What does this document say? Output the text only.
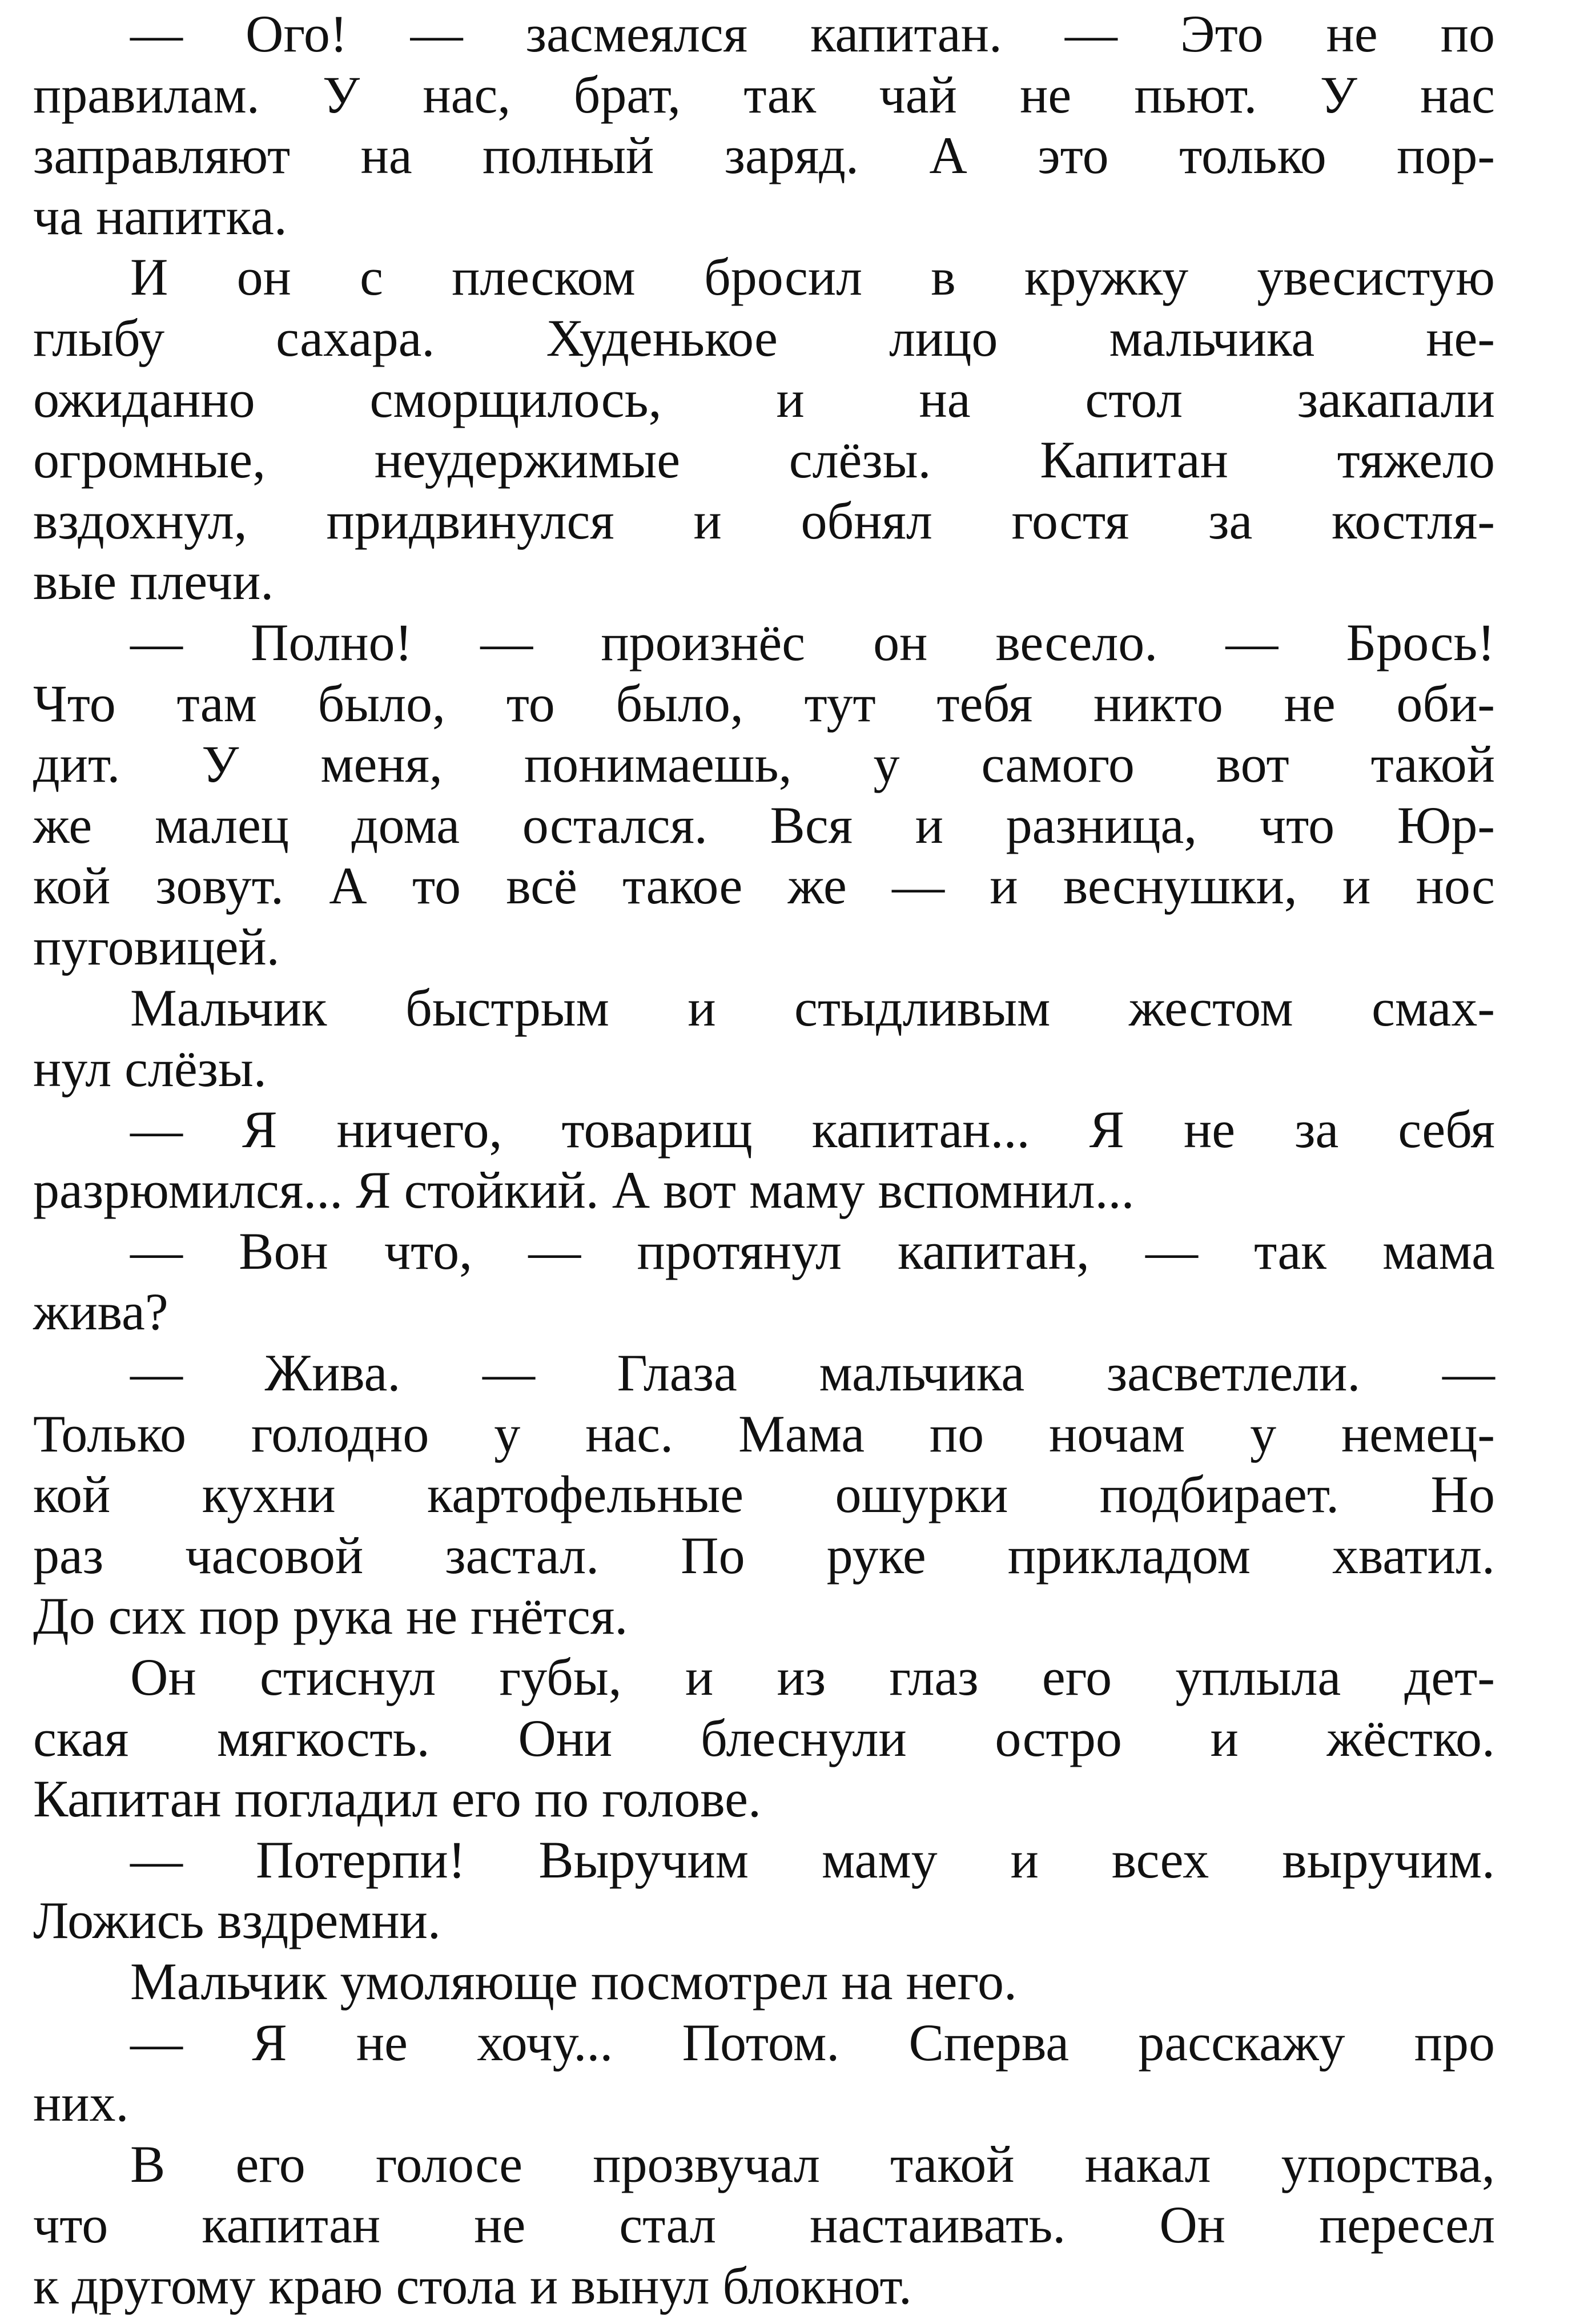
— Ого! — засмеялся капитан. — Это не по
правилам. У нас, брат, так чай не пьют. У нас
заправляют на полный заряд. А это только пор-
ча напитка.
И он с плеском бросил в кружку увесистую
глыбу сахара. Худенькое лицо мальчика не-
ожиданно сморщилось, и на стол закапали
огромные, неудержимые слёзы. Капитан тяжело
вздохнул, придвинулся и обнял гостя за костля-
вые плечи.
— Полно! — произнёс он весело. — Брось!
Что там было, то было, тут тебя никто не оби-
дит. У меня, понимаешь, у самого вот такой
же малец дома остался. Вся и разница, что Юр-
кой зовут. А то всё такое же — и веснушки, и нос
пуговицей.
Мальчик быстрым и стыдливым жестом смах-
нул слёзы.
— Я ничего, товарищ капитан... Я не за себя
разрюмился... Я стойкий. А вот маму вспомнил...
— Вон что, — протянул капитан, — так мама
жива?
— Жива. — Глаза мальчика засветлели. —
Только голодно у нас. Мама по ночам у немец-
кой кухни картофельные ошурки подбирает. Но
раз часовой застал. По руке прикладом хватил.
До сих пор рука не гнётся.
Он стиснул губы, и из глаз его уплыла дет-
ская мягкость. Они блеснули остро и жёстко.
Капитан погладил его по голове.
— Потерпи! Выручим маму и всех выручим.
Ложись вздремни.
Мальчик умоляюще посмотрел на него.
— Я не хочу... Потом. Сперва расскажу про
них.
В его голосе прозвучал такой накал упорства,
что капитан не стал настаивать. Он пересел
к другому краю стола и вынул блокнот.
